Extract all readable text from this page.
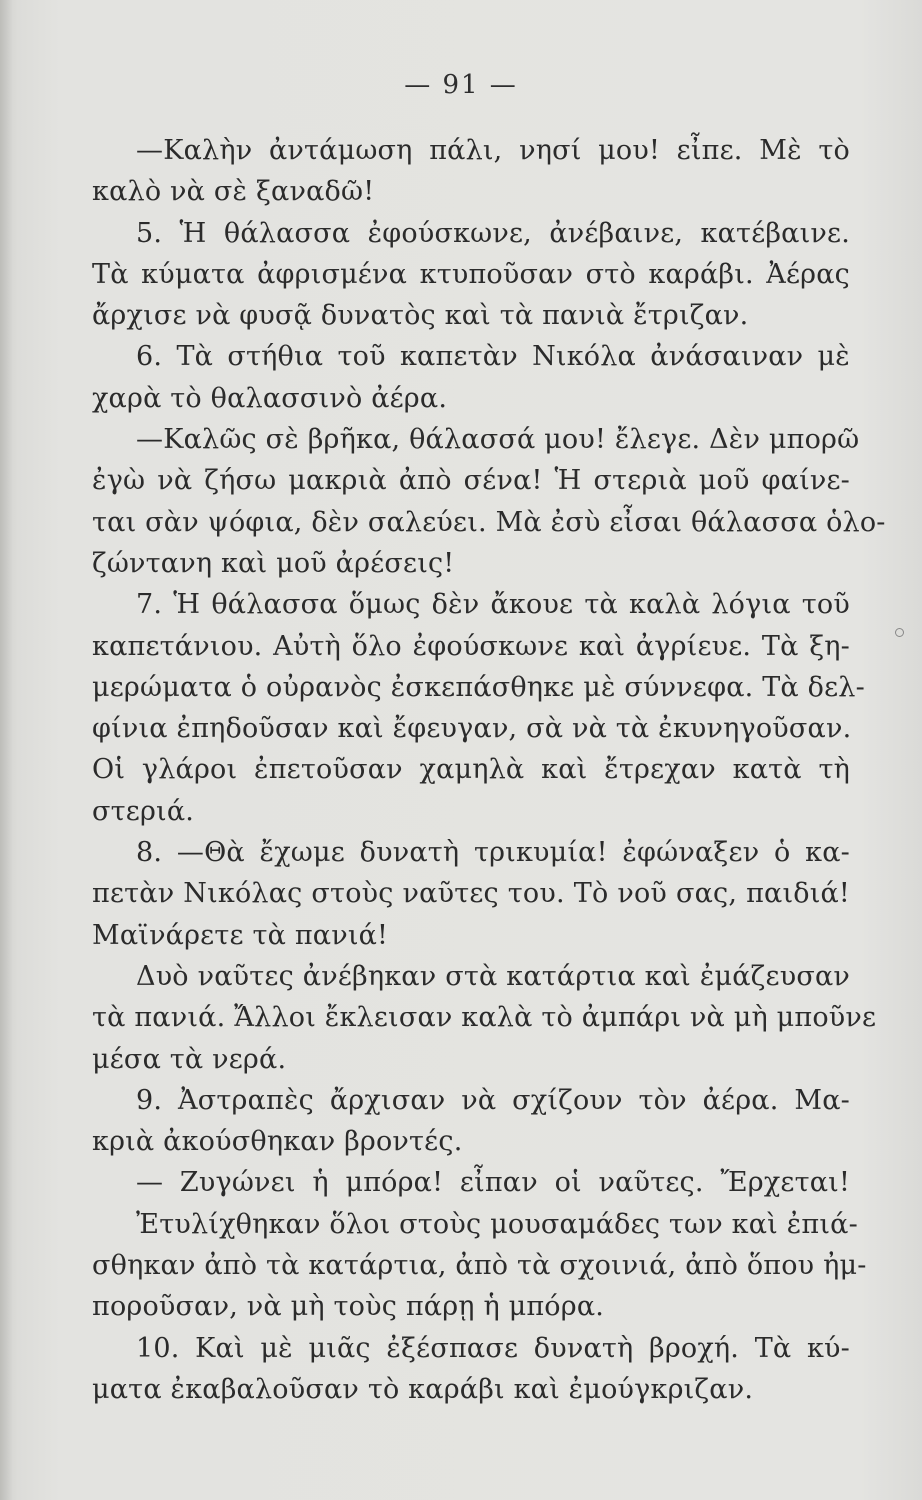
— 91 —
—Καλὴν ἀντάμωση πάλι, νησί μου! εἶπε. Μὲ τὸ
καλὸ νὰ σὲ ξαναδῶ!
5. Ἡ θάλασσα ἐφούσκωνε, ἀνέβαινε, κατέβαινε.
Τὰ κύματα ἀφρισμένα κτυποῦσαν στὸ καράβι. Ἀέρας
ἄρχισε νὰ φυσᾷ δυνατὸς καὶ τὰ πανιὰ ἔτριζαν.
6. Τὰ στήθια τοῦ καπετὰν Νικόλα ἀνάσαιναν μὲ
χαρὰ τὸ θαλασσινὸ ἀέρα.
—Καλῶς σὲ βρῆκα, θάλασσά μου! ἔλεγε. Δὲν μπορῶ
ἐγὼ νὰ ζήσω μακριὰ ἀπὸ σένα! Ἡ στεριὰ μοῦ φαίνε-
ται σὰν ψόφια, δὲν σαλεύει. Μὰ ἐσὺ εἶσαι θάλασσα ὁλο-
ζώντανη καὶ μοῦ ἀρέσεις!
7. Ἡ θάλασσα ὅμως δὲν ἄκουε τὰ καλὰ λόγια τοῦ
καπετάνιου. Αὐτὴ ὅλο ἐφούσκωνε καὶ ἀγρίευε. Τὰ ξη-
μερώματα ὁ οὐρανὸς ἐσκεπάσθηκε μὲ σύννεφα. Τὰ δελ-
φίνια ἐπηδοῦσαν καὶ ἔφευγαν, σὰ νὰ τὰ ἐκυνηγοῦσαν.
Οἱ γλάροι ἐπετοῦσαν χαμηλὰ καὶ ἔτρεχαν κατὰ τὴ
στεριά.
8. —Θὰ ἔχωμε δυνατὴ τρικυμία! ἐφώναξεν ὁ κα-
πετὰν Νικόλας στοὺς ναῦτες του. Τὸ νοῦ σας, παιδιά!
Μαϊνάρετε τὰ πανιά!
Δυὸ ναῦτες ἀνέβηκαν στὰ κατάρτια καὶ ἐμάζευσαν
τὰ πανιά. Ἄλλοι ἔκλεισαν καλὰ τὸ ἀμπάρι νὰ μὴ μποῦνε
μέσα τὰ νερά.
9. Ἀστραπὲς ἄρχισαν νὰ σχίζουν τὸν ἀέρα. Μα-
κριὰ ἀκούσθηκαν βροντές.
— Ζυγώνει ἡ μπόρα! εἶπαν οἱ ναῦτες. Ἔρχεται!
Ἐτυλίχθηκαν ὅλοι στοὺς μουσαμάδες των καὶ ἐπιά-
σθηκαν ἀπὸ τὰ κατάρτια, ἀπὸ τὰ σχοινιά, ἀπὸ ὅπου ἠμ-
ποροῦσαν, νὰ μὴ τοὺς πάρῃ ἡ μπόρα.
10. Καὶ μὲ μιᾶς ἐξέσπασε δυνατὴ βροχή. Τὰ κύ-
ματα ἐκαβαλοῦσαν τὸ καράβι καὶ ἐμούγκριζαν.
